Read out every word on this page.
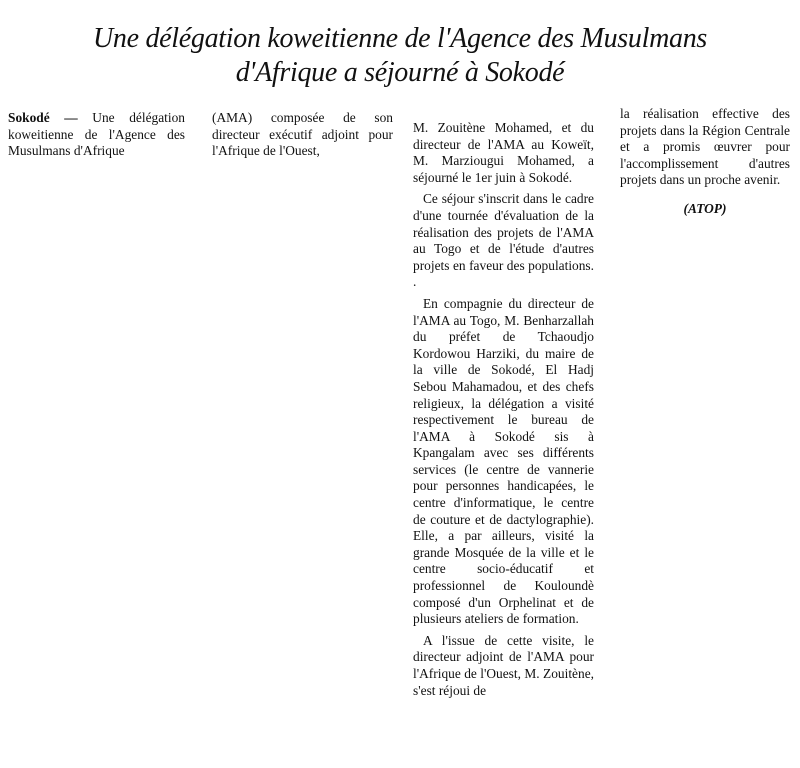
Une délégation koweitienne de l'Agence des Musulmans
d'Afrique a séjourné à Sokodé

Sokodé — Une délégation koweitienne de l'Agence des Musulmans d'Afrique

(AMA) composée de son directeur exécutif adjoint pour l'Afrique de l'Ouest,

M. Zouitène Mohamed, et du directeur de l'AMA au Koweït, M. Marziougui Mohamed, a séjourné le 1er juin à Sokodé.

Ce séjour s'inscrit dans le cadre d'une tournée d'évaluation de la réalisation des projets de l'AMA au Togo et de l'étude d'autres projets en faveur des populations. .

En compagnie du directeur de l'AMA au Togo, M. Benharzallah du préfet de Tchaoudjo Kordowou Harziki, du maire de la ville de Sokodé, El Hadj Sebou Mahamadou, et des chefs religieux, la délégation a visité respectivement le bureau de l'AMA à Sokodé sis à Kpangalam avec ses différents services (le centre de vannerie pour personnes handicapées, le centre d'informatique, le centre de couture et de dactylographie). Elle, a par ailleurs, visité la grande Mosquée de la ville et le centre socio-éducatif et professionnel de Kouloundè composé d'un Orphelinat et de plusieurs ateliers de formation.

A l'issue de cette visite, le directeur adjoint de l'AMA pour l'Afrique de l'Ouest, M. Zouitène, s'est réjoui de

la réalisation effective des projets dans la Région Centrale et a promis œuvrer pour l'accomplissement d'autres projets dans un proche avenir.

(ATOP)
